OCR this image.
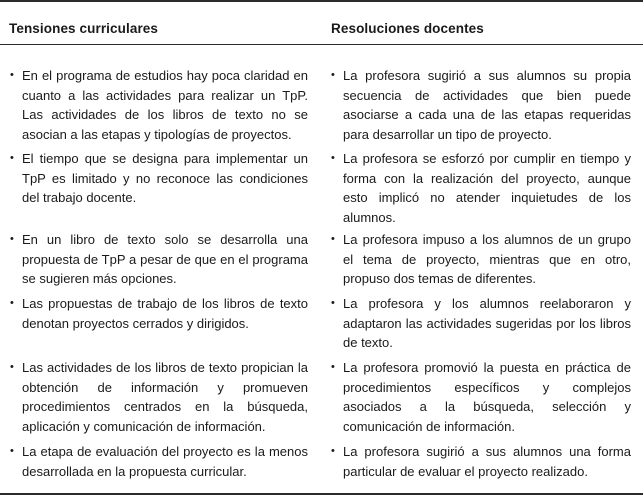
Tensiones curriculares	Resoluciones docentes
• En el programa de estudios hay poca claridad en cuanto a las actividades para realizar un TpP. Las actividades de los libros de texto no se asocian a las etapas y tipologías de proyectos.
• La profesora sugirió a sus alumnos su propia secuencia de actividades que bien puede asociarse a cada una de las etapas requeridas para desarrollar un tipo de proyecto.
• El tiempo que se designa para implementar un TpP es limitado y no reconoce las condiciones del trabajo docente.
• La profesora se esforzó por cumplir en tiempo y forma con la realización del proyecto, aunque esto implicó no atender inquietudes de los alumnos.
• En un libro de texto solo se desarrolla una propuesta de TpP a pesar de que en el programa se sugieren más opciones.
• La profesora impuso a los alumnos de un grupo el tema de proyecto, mientras que en otro, propuso dos temas de diferentes.
• Las propuestas de trabajo de los libros de texto denotan proyectos cerrados y dirigidos.
• La profesora y los alumnos reelaboraron y adaptaron las actividades sugeridas por los libros de texto.
• Las actividades de los libros de texto propician la obtención de información y promueven procedimientos centrados en la búsqueda, aplicación y comunicación de información.
• La profesora promovió la puesta en práctica de procedimientos específicos y complejos asociados a la búsqueda, selección y comunicación de información.
• La etapa de evaluación del proyecto es la menos desarrollada en la propuesta curricular.
• La profesora sugirió a sus alumnos una forma particular de evaluar el proyecto realizado.
